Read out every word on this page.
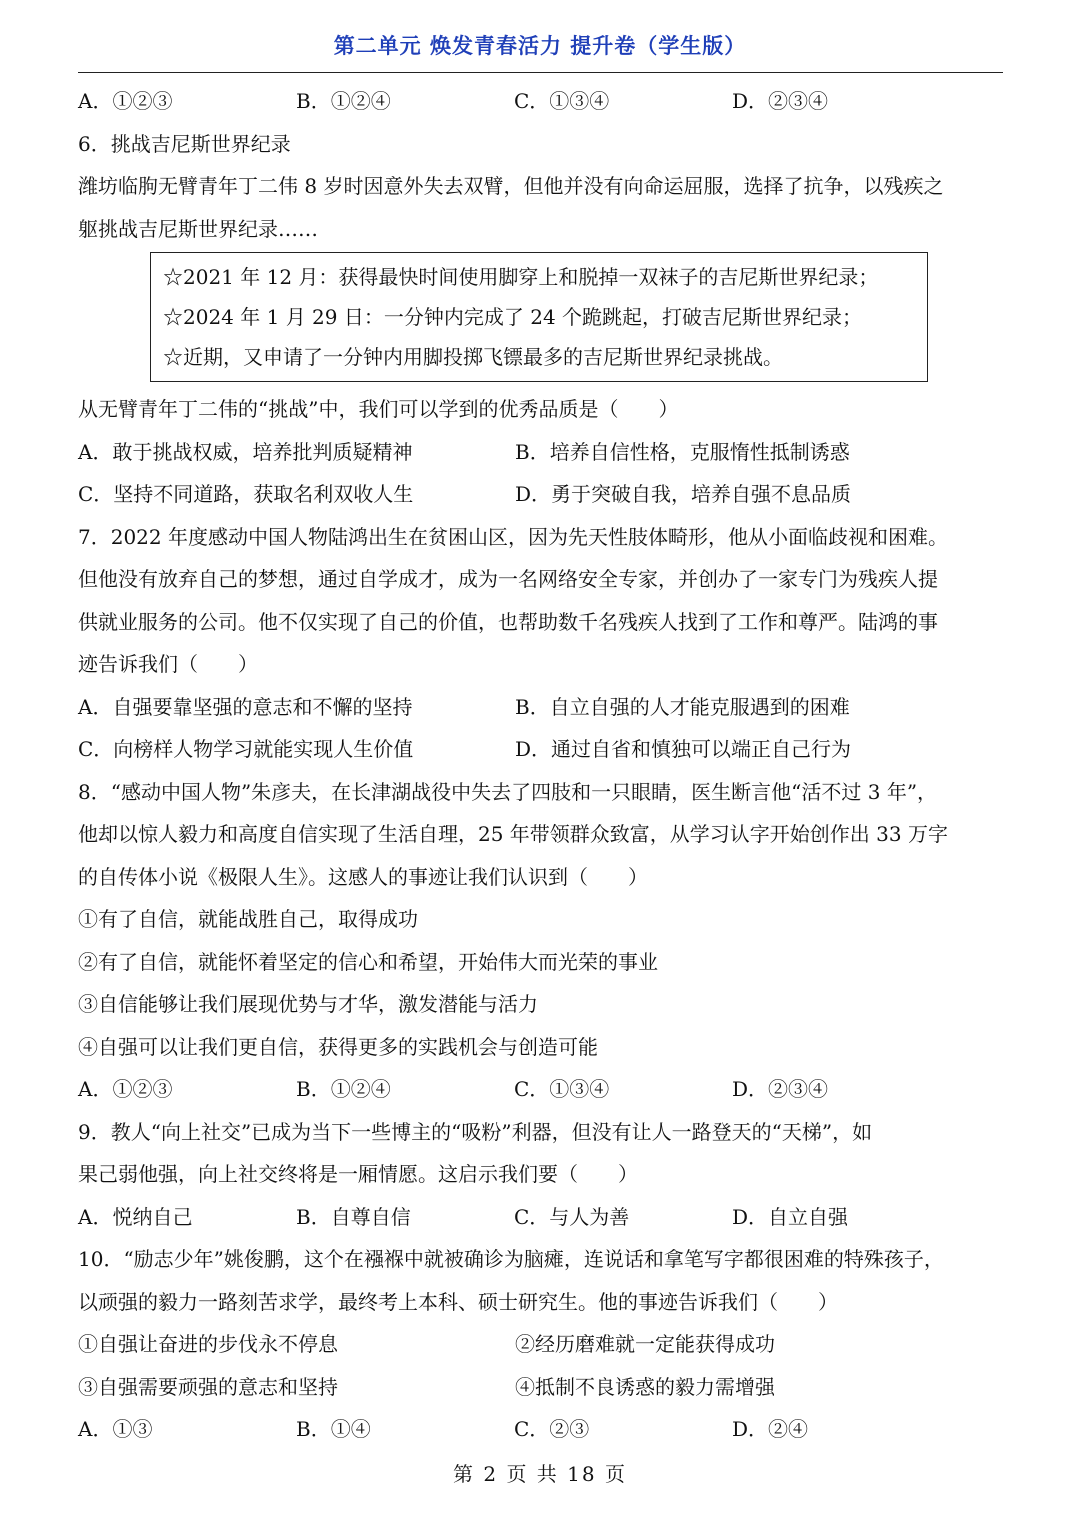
第二单元 焕发青春活力 提升卷（学生版）
A．①②③	B．①②④	C．①③④	D．②③④
6．挑战吉尼斯世界纪录
潍坊临朐无臂青年丁二伟 8 岁时因意外失去双臂，但他并没有向命运屈服，选择了抗争，以残疾之
躯挑战吉尼斯世界纪录……
☆2021 年 12 月：获得最快时间使用脚穿上和脱掉一双袜子的吉尼斯世界纪录；
☆2024 年 1 月 29 日：一分钟内完成了 24 个跪跳起，打破吉尼斯世界纪录；
☆近期，又申请了一分钟内用脚投掷飞镖最多的吉尼斯世界纪录挑战。
从无臂青年丁二伟的“挑战”中，我们可以学到的优秀品质是（　　）
A．敢于挑战权威，培养批判质疑精神	B．培养自信性格，克服惰性抵制诱惑
C．坚持不同道路，获取名利双收人生	D．勇于突破自我，培养自强不息品质
7．2022 年度感动中国人物陆鸿出生在贫困山区，因为先天性肢体畸形，他从小面临歧视和困难。
但他没有放弃自己的梦想，通过自学成才，成为一名网络安全专家，并创办了一家专门为残疾人提
供就业服务的公司。他不仅实现了自己的价值，也帮助数千名残疾人找到了工作和尊严。陆鸿的事
迹告诉我们（　　）
A．自强要靠坚强的意志和不懈的坚持	B．自立自强的人才能克服遇到的困难
C．向榜样人物学习就能实现人生价值	D．通过自省和慎独可以端正自己行为
8．“感动中国人物”朱彦夫，在长津湖战役中失去了四肢和一只眼睛，医生断言他“活不过 3 年”，
他却以惊人毅力和高度自信实现了生活自理，25 年带领群众致富，从学习认字开始创作出 33 万字
的自传体小说《极限人生》。这感人的事迹让我们认识到（　　）
①有了自信，就能战胜自己，取得成功
②有了自信，就能怀着坚定的信心和希望，开始伟大而光荣的事业
③自信能够让我们展现优势与才华，激发潜能与活力
④自强可以让我们更自信，获得更多的实践机会与创造可能
A．①②③	B．①②④	C．①③④	D．②③④
9．教人“向上社交”已成为当下一些博主的“吸粉”利器，但没有让人一路登天的“天梯”，如
果己弱他强，向上社交终将是一厢情愿。这启示我们要（　　）
A．悦纳自己	B．自尊自信	C．与人为善	D．自立自强
10．“励志少年”姚俊鹏，这个在襁褓中就被确诊为脑瘫，连说话和拿笔写字都很困难的特殊孩子，
以顽强的毅力一路刻苦求学，最终考上本科、硕士研究生。他的事迹告诉我们（　　）
①自强让奋进的步伐永不停息	②经历磨难就一定能获得成功
③自强需要顽强的意志和坚持	④抵制不良诱惑的毅力需增强
A．①③	B．①④	C．②③	D．②④
第 2 页 共 18 页
